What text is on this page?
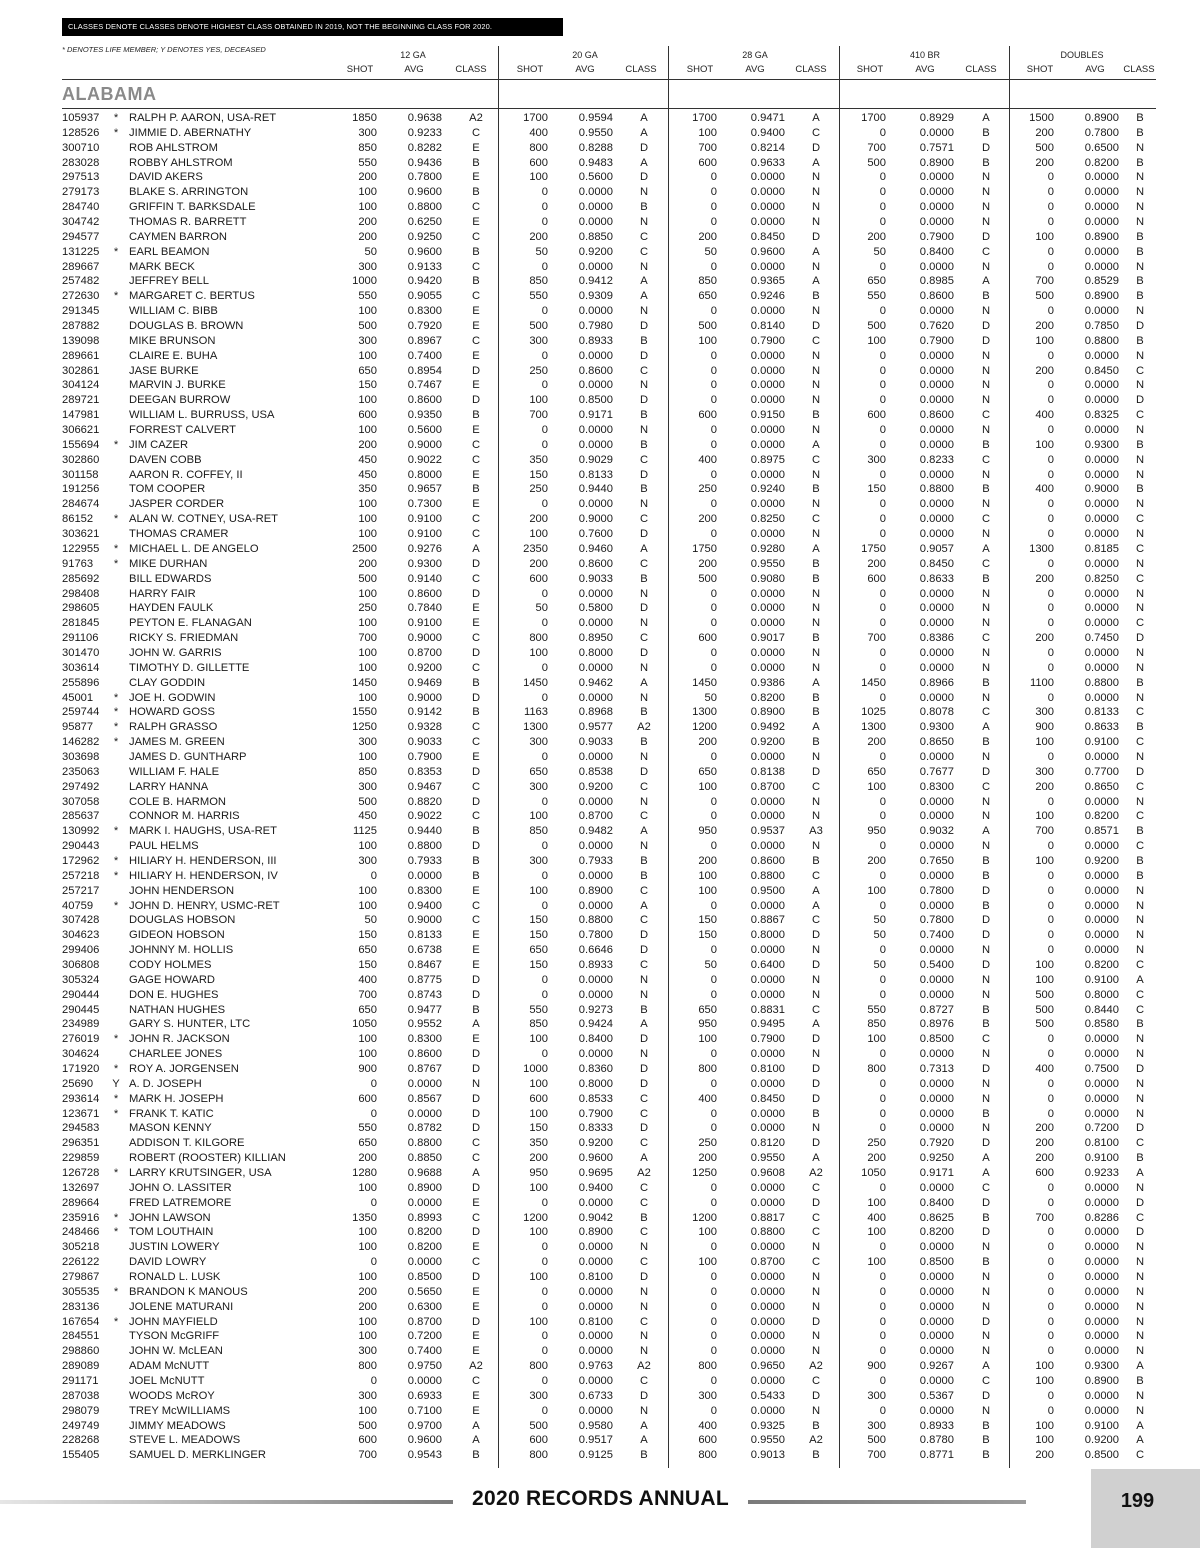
CLASSES DENOTE CLASSES DENOTE HIGHEST CLASS OBTAINED IN 2019, NOT THE BEGINNING CLASS FOR 2020.
* DENOTES LIFE MEMBER; Y DENOTES YES, DECEASED
12 GA	20 GA	28 GA	410 BR	DOUBLES
SHOT	AVG	CLASS	SHOT	AVG	CLASS	SHOT	AVG	CLASS	SHOT	AVG	CLASS	SHOT	AVG	CLASS
ALABAMA
105937	* RALPH P. AARON, USA-RET	1850	0.9638	A2	1700	0.9594	A	1700	0.9471	A	1700	0.8929	A	1500	0.8900	B
128526	* JIMMIE D. ABERNATHY	300	0.9233	C	400	0.9550	A	100	0.9400	C	0	0.0000	B	200	0.7800	B
300710	ROB AHLSTROM	850	0.8282	E	800	0.8288	D	700	0.8214	D	700	0.7571	D	500	0.6500	N
283028	ROBBY AHLSTROM	550	0.9436	B	600	0.9483	A	600	0.9633	A	500	0.8900	B	200	0.8200	B
297513	DAVID AKERS	200	0.7800	E	100	0.5600	D	0	0.0000	N	0	0.0000	N	0	0.0000	N
279173	BLAKE S. ARRINGTON	100	0.9600	B	0	0.0000	N	0	0.0000	N	0	0.0000	N	0	0.0000	N
284740	GRIFFIN T. BARKSDALE	100	0.8800	C	0	0.0000	B	0	0.0000	N	0	0.0000	N	0	0.0000	N
304742	THOMAS R. BARRETT	200	0.6250	E	0	0.0000	N	0	0.0000	N	0	0.0000	N	0	0.0000	N
294577	CAYMEN BARRON	200	0.9250	C	200	0.8850	C	200	0.8450	D	200	0.7900	D	100	0.8900	B
131225	* EARL BEAMON	50	0.9600	B	50	0.9200	C	50	0.9600	A	50	0.8400	C	0	0.0000	B
289667	MARK BECK	300	0.9133	C	0	0.0000	N	0	0.0000	N	0	0.0000	N	0	0.0000	N
257482	JEFFREY BELL	1000	0.9420	B	850	0.9412	A	850	0.9365	A	650	0.8985	A	700	0.8529	B
272630	* MARGARET C. BERTUS	550	0.9055	C	550	0.9309	A	650	0.9246	B	550	0.8600	B	500	0.8900	B
291345	WILLIAM C. BIBB	100	0.8300	E	0	0.0000	N	0	0.0000	N	0	0.0000	N	0	0.0000	N
287882	DOUGLAS B. BROWN	500	0.7920	E	500	0.7980	D	500	0.8140	D	500	0.7620	D	200	0.7850	D
139098	MIKE BRUNSON	300	0.8967	C	300	0.8933	B	100	0.7900	C	100	0.7900	D	100	0.8800	B
289661	CLAIRE E. BUHA	100	0.7400	E	0	0.0000	D	0	0.0000	N	0	0.0000	N	0	0.0000	N
302861	JASE BURKE	650	0.8954	D	250	0.8600	C	0	0.0000	N	0	0.0000	N	200	0.8450	C
304124	MARVIN J. BURKE	150	0.7467	E	0	0.0000	N	0	0.0000	N	0	0.0000	N	0	0.0000	N
289721	DEEGAN BURROW	100	0.8600	D	100	0.8500	D	0	0.0000	N	0	0.0000	N	0	0.0000	D
147981	WILLIAM L. BURRUSS, USA	600	0.9350	B	700	0.9171	B	600	0.9150	B	600	0.8600	C	400	0.8325	C
306621	FORREST CALVERT	100	0.5600	E	0	0.0000	N	0	0.0000	N	0	0.0000	N	0	0.0000	N
155694	* JIM CAZER	200	0.9000	C	0	0.0000	B	0	0.0000	A	0	0.0000	B	100	0.9300	B
302860	DAVEN COBB	450	0.9022	C	350	0.9029	C	400	0.8975	C	300	0.8233	C	0	0.0000	N
301158	AARON R. COFFEY, II	450	0.8000	E	150	0.8133	D	0	0.0000	N	0	0.0000	N	0	0.0000	N
191256	TOM COOPER	350	0.9657	B	250	0.9440	B	250	0.9240	B	150	0.8800	B	400	0.9000	B
284674	JASPER CORDER	100	0.7300	E	0	0.0000	N	0	0.0000	N	0	0.0000	N	0	0.0000	N
86152	* ALAN W. COTNEY, USA-RET	100	0.9100	C	200	0.9000	C	200	0.8250	C	0	0.0000	C	0	0.0000	C
303621	THOMAS CRAMER	100	0.9100	C	100	0.7600	D	0	0.0000	N	0	0.0000	N	0	0.0000	N
122955	* MICHAEL L. DE ANGELO	2500	0.9276	A	2350	0.9460	A	1750	0.9280	A	1750	0.9057	A	1300	0.8185	C
91763	* MIKE DURHAN	200	0.9300	D	200	0.8600	C	200	0.9550	B	200	0.8450	C	0	0.0000	N
285692	BILL EDWARDS	500	0.9140	C	600	0.9033	B	500	0.9080	B	600	0.8633	B	200	0.8250	C
298408	HARRY FAIR	100	0.8600	D	0	0.0000	N	0	0.0000	N	0	0.0000	N	0	0.0000	N
298605	HAYDEN FAULK	250	0.7840	E	50	0.5800	D	0	0.0000	N	0	0.0000	N	0	0.0000	N
281845	PEYTON E. FLANAGAN	100	0.9100	E	0	0.0000	N	0	0.0000	N	0	0.0000	N	0	0.0000	C
291106	RICKY S. FRIEDMAN	700	0.9000	C	800	0.8950	C	600	0.9017	B	700	0.8386	C	200	0.7450	D
301470	JOHN W. GARRIS	100	0.8700	D	100	0.8000	D	0	0.0000	N	0	0.0000	N	0	0.0000	N
303614	TIMOTHY D. GILLETTE	100	0.9200	C	0	0.0000	N	0	0.0000	N	0	0.0000	N	0	0.0000	N
255896	CLAY GODDIN	1450	0.9469	B	1450	0.9462	A	1450	0.9386	A	1450	0.8966	B	1100	0.8800	B
45001	* JOE H. GODWIN	100	0.9000	D	0	0.0000	N	50	0.8200	B	0	0.0000	N	0	0.0000	N
259744	* HOWARD GOSS	1550	0.9142	B	1163	0.8968	B	1300	0.8900	B	1025	0.8078	C	300	0.8133	C
95877	* RALPH GRASSO	1250	0.9328	C	1300	0.9577	A2	1200	0.9492	A	1300	0.9300	A	900	0.8633	B
146282	* JAMES M. GREEN	300	0.9033	C	300	0.9033	B	200	0.9200	B	200	0.8650	B	100	0.9100	C
303698	JAMES D. GUNTHARP	100	0.7900	E	0	0.0000	N	0	0.0000	N	0	0.0000	N	0	0.0000	N
235063	WILLIAM F. HALE	850	0.8353	D	650	0.8538	D	650	0.8138	D	650	0.7677	D	300	0.7700	D
297492	LARRY HANNA	300	0.9467	C	300	0.9200	C	100	0.8700	C	100	0.8300	C	200	0.8650	C
307058	COLE B. HARMON	500	0.8820	D	0	0.0000	N	0	0.0000	N	0	0.0000	N	0	0.0000	N
285637	CONNOR M. HARRIS	450	0.9022	C	100	0.8700	C	0	0.0000	N	0	0.0000	N	100	0.8200	C
130992	* MARK I. HAUGHS, USA-RET	1125	0.9440	B	850	0.9482	A	950	0.9537	A3	950	0.9032	A	700	0.8571	B
290443	PAUL HELMS	100	0.8800	D	0	0.0000	N	0	0.0000	N	0	0.0000	N	0	0.0000	C
172962	* HILIARY H. HENDERSON, III	300	0.7933	B	300	0.7933	B	200	0.8600	B	200	0.7650	B	100	0.9200	B
257218	* HILIARY H. HENDERSON, IV	0	0.0000	B	0	0.0000	B	100	0.8800	C	0	0.0000	B	0	0.0000	B
257217	JOHN HENDERSON	100	0.8300	E	100	0.8900	C	100	0.9500	A	100	0.7800	D	0	0.0000	N
40759	* JOHN D. HENRY, USMC-RET	100	0.9400	C	0	0.0000	A	0	0.0000	A	0	0.0000	B	0	0.0000	N
307428	DOUGLAS HOBSON	50	0.9000	C	150	0.8800	C	150	0.8867	C	50	0.7800	D	0	0.0000	N
304623	GIDEON HOBSON	150	0.8133	E	150	0.7800	D	150	0.8000	D	50	0.7400	D	0	0.0000	N
299406	JOHNNY M. HOLLIS	650	0.6738	E	650	0.6646	D	0	0.0000	N	0	0.0000	N	0	0.0000	N
306808	CODY HOLMES	150	0.8467	E	150	0.8933	C	50	0.6400	D	50	0.5400	D	100	0.8200	C
305324	GAGE HOWARD	400	0.8775	D	0	0.0000	N	0	0.0000	N	0	0.0000	N	100	0.9100	A
290444	DON E. HUGHES	700	0.8743	D	0	0.0000	N	0	0.0000	N	0	0.0000	N	500	0.8000	C
290445	NATHAN HUGHES	650	0.9477	B	550	0.9273	B	650	0.8831	C	550	0.8727	B	500	0.8440	C
234989	GARY S. HUNTER, LTC	1050	0.9552	A	850	0.9424	A	950	0.9495	A	850	0.8976	B	500	0.8580	B
276019	* JOHN R. JACKSON	100	0.8300	E	100	0.8400	D	100	0.7900	D	100	0.8500	C	0	0.0000	N
304624	CHARLEE JONES	100	0.8600	D	0	0.0000	N	0	0.0000	N	0	0.0000	N	0	0.0000	N
171920	* ROY A. JORGENSEN	900	0.8767	D	1000	0.8360	D	800	0.8100	D	800	0.7313	D	400	0.7500	D
25690 Y A. D. JOSEPH	0	0.0000	N	100	0.8000	D	0	0.0000	D	0	0.0000	N	0	0.0000	N
293614	* MARK H. JOSEPH	600	0.8567	D	600	0.8533	C	400	0.8450	D	0	0.0000	N	0	0.0000	N
123671	* FRANK T. KATIC	0	0.0000	D	100	0.7900	C	0	0.0000	B	0	0.0000	B	0	0.0000	N
294583	MASON KENNY	550	0.8782	D	150	0.8333	D	0	0.0000	N	0	0.0000	N	200	0.7200	D
296351	ADDISON T. KILGORE	650	0.8800	C	350	0.9200	C	250	0.8120	D	250	0.7920	D	200	0.8100	C
229859	ROBERT (ROOSTER) KILLIAN	200	0.8850	C	200	0.9600	A	200	0.9550	A	200	0.9250	A	200	0.9100	B
126728	* LARRY KRUTSINGER, USA	1280	0.9688	A	950	0.9695	A2	1250	0.9608	A2	1050	0.9171	A	600	0.9233	A
132697	JOHN O. LASSITER	100	0.8900	D	100	0.9400	C	0	0.0000	C	0	0.0000	C	0	0.0000	N
289664	FRED LATREMORE	0	0.0000	E	0	0.0000	C	0	0.0000	D	100	0.8400	D	0	0.0000	D
235916	* JOHN LAWSON	1350	0.8993	C	1200	0.9042	B	1200	0.8817	C	400	0.8625	B	700	0.8286	C
248466	* TOM LOUTHAIN	100	0.8200	D	100	0.8900	C	100	0.8800	C	100	0.8200	D	0	0.0000	D
305218	JUSTIN LOWERY	100	0.8200	E	0	0.0000	N	0	0.0000	N	0	0.0000	N	0	0.0000	N
226122	DAVID LOWRY	0	0.0000	C	0	0.0000	C	100	0.8700	C	100	0.8500	B	0	0.0000	N
279867	RONALD L. LUSK	100	0.8500	D	100	0.8100	D	0	0.0000	N	0	0.0000	N	0	0.0000	N
305535	* BRANDON K MANOUS	200	0.5650	E	0	0.0000	N	0	0.0000	N	0	0.0000	N	0	0.0000	N
283136	JOLENE MATURANI	200	0.6300	E	0	0.0000	N	0	0.0000	N	0	0.0000	N	0	0.0000	N
167654	* JOHN MAYFIELD	100	0.8700	D	100	0.8100	C	0	0.0000	D	0	0.0000	D	0	0.0000	N
284551	TYSON McGRIFF	100	0.7200	E	0	0.0000	N	0	0.0000	N	0	0.0000	N	0	0.0000	N
298860	JOHN W. McLEAN	300	0.7400	E	0	0.0000	N	0	0.0000	N	0	0.0000	N	0	0.0000	N
289089	ADAM McNUTT	800	0.9750	A2	800	0.9763	A2	800	0.9650	A2	900	0.9267	A	100	0.9300	A
291171	JOEL McNUTT	0	0.0000	C	0	0.0000	C	0	0.0000	C	0	0.0000	C	100	0.8900	B
287038	WOODS McROY	300	0.6933	E	300	0.6733	D	300	0.5433	D	300	0.5367	D	0	0.0000	N
298079	TREY McWILLIAMS	100	0.7100	E	0	0.0000	N	0	0.0000	N	0	0.0000	N	0	0.0000	N
249749	JIMMY MEADOWS	500	0.9700	A	500	0.9580	A	400	0.9325	B	300	0.8933	B	100	0.9100	A
228268	STEVE L. MEADOWS	600	0.9600	A	600	0.9517	A	600	0.9550	A2	500	0.8780	B	100	0.9200	A
155405	SAMUEL D. MERKLINGER	700	0.9543	B	800	0.9125	B	800	0.9013	B	700	0.8771	B	200	0.8500	C
2020 RECORDS ANNUAL	199
